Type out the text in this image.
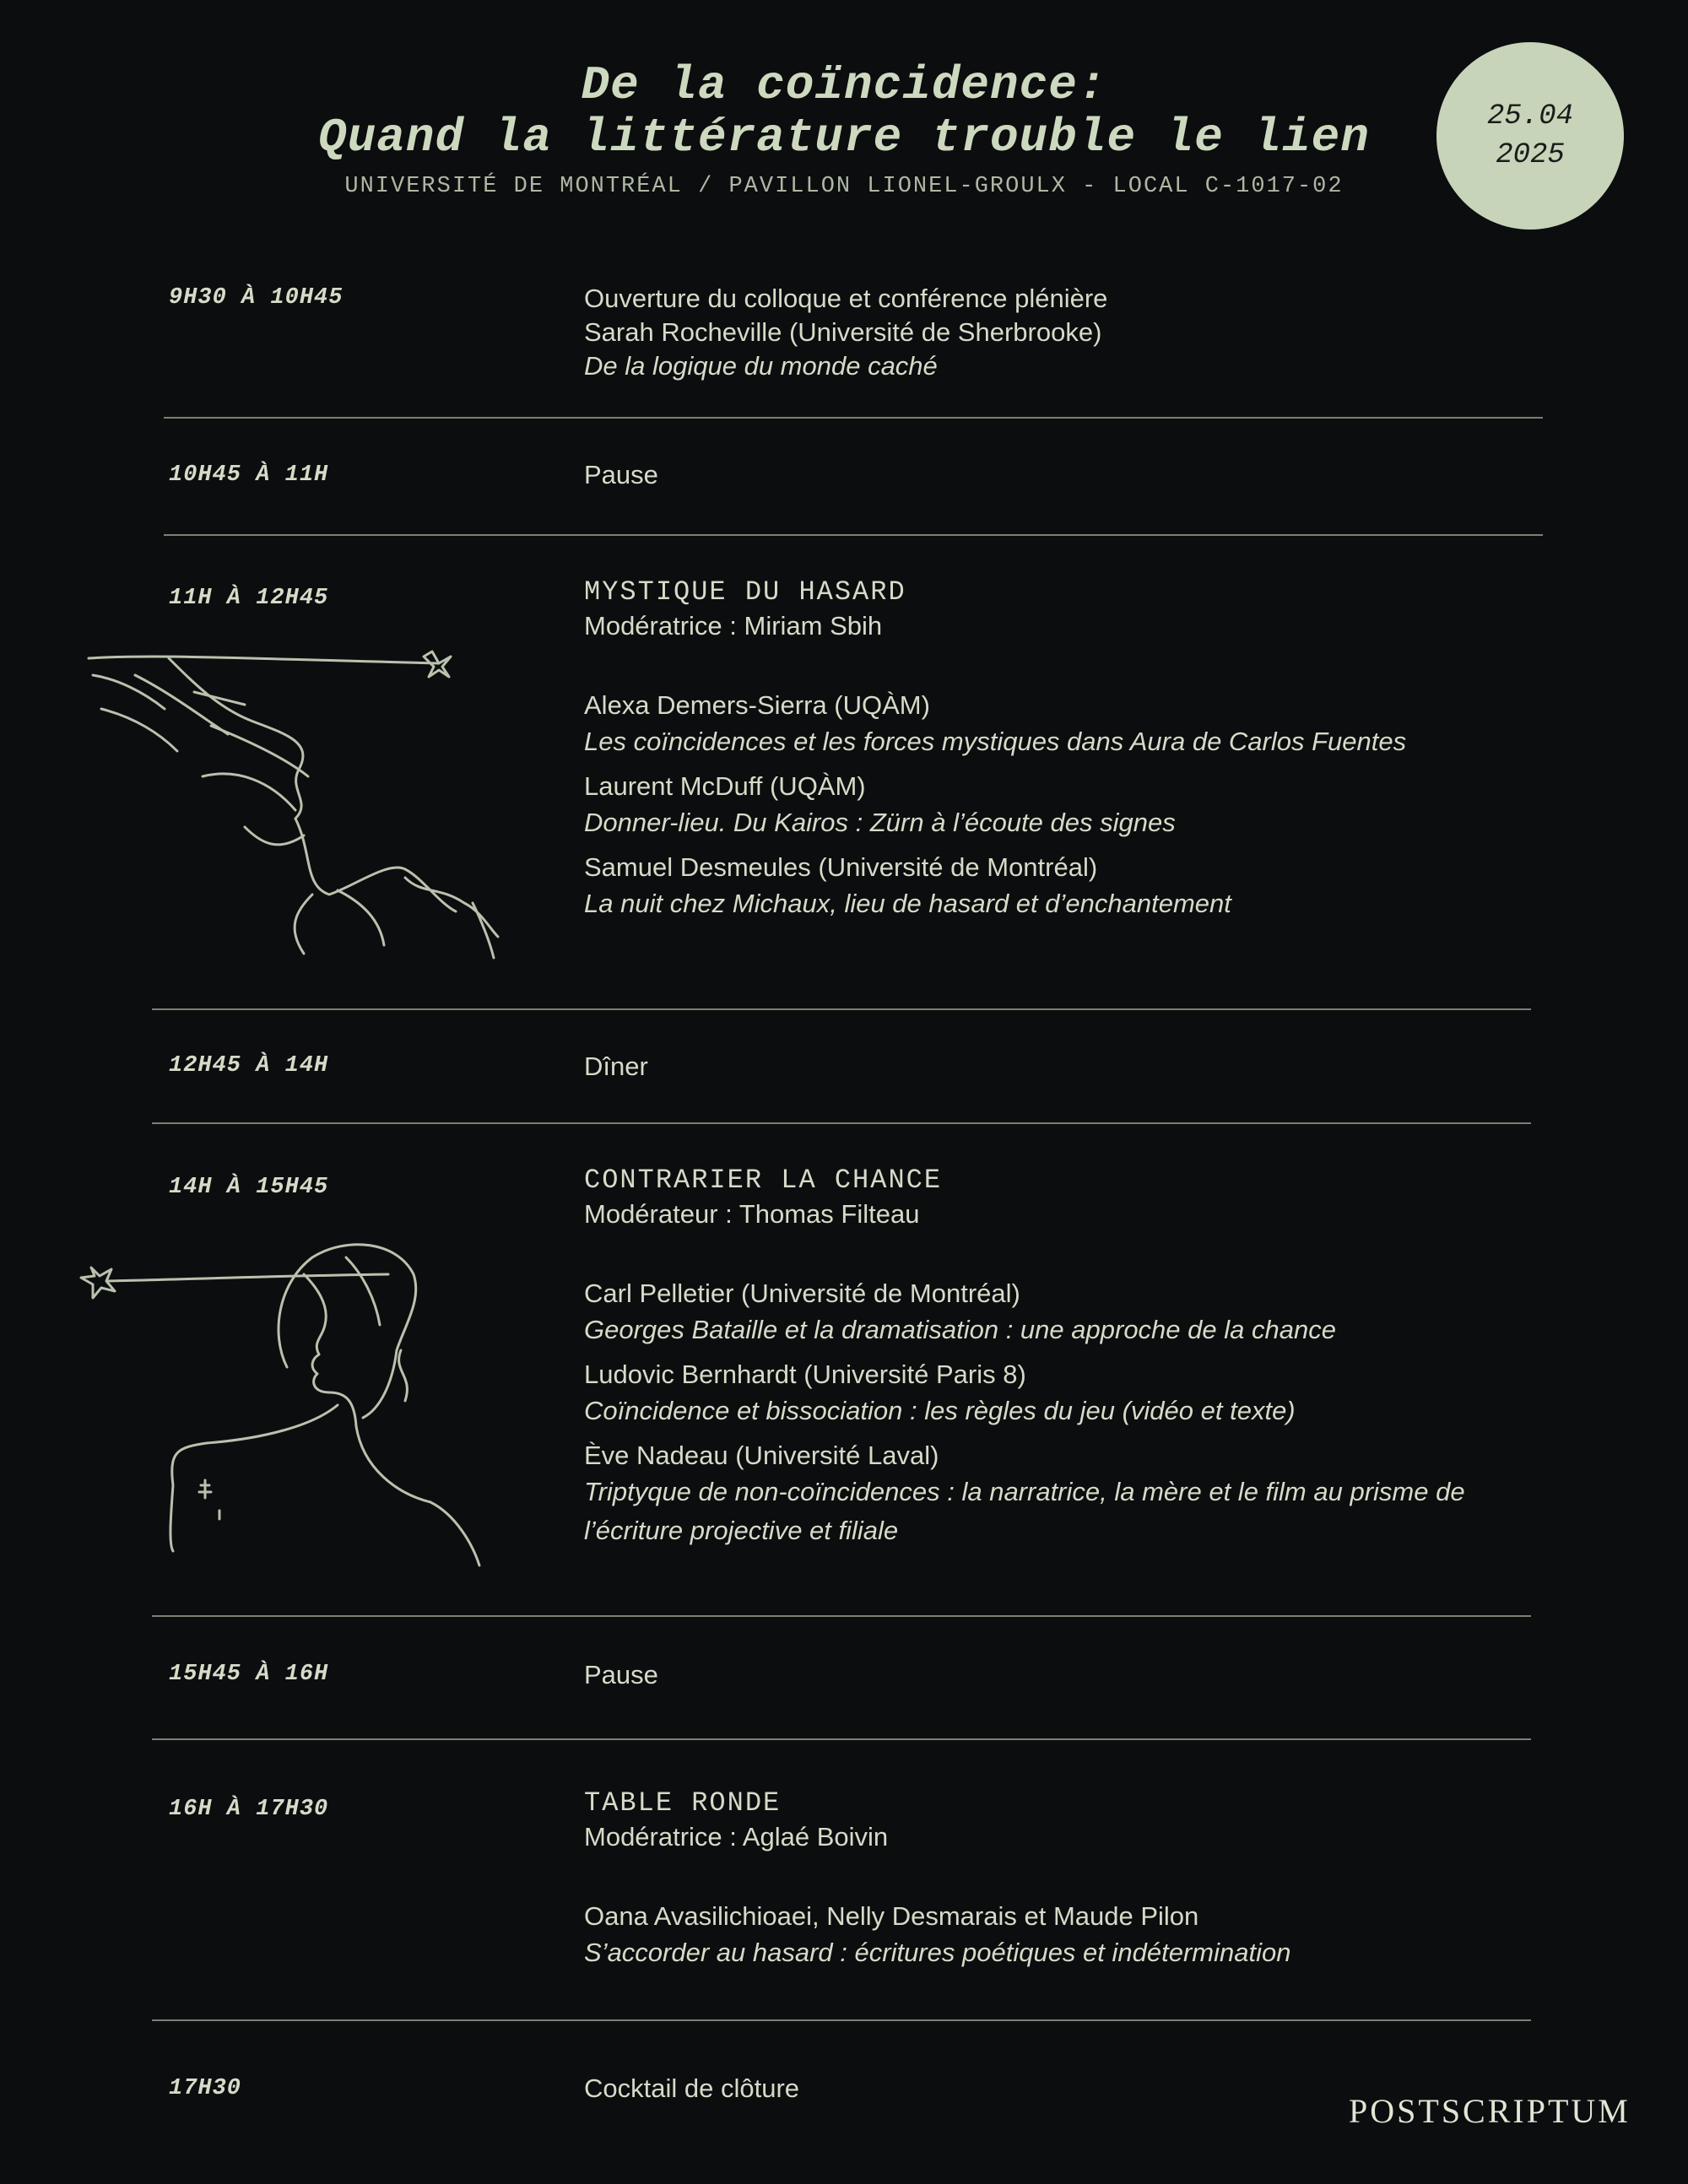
De la coïncidence:
Quand la littérature trouble le lien
UNIVERSITÉ DE MONTRÉAL / PAVILLON LIONEL-GROULX - LOCAL C-1017-02
25.04
2025
9H30 À 10H45	Ouverture du colloque et conférence plénière
Sarah Rocheville (Université de Sherbrooke)
De la logique du monde caché
10H45 À 11H	Pause
11H À 12H45	MYSTIQUE DU HASARD
Modératrice : Miriam Sbih
Alexa Demers-Sierra (UQÀM)
Les coïncidences et les forces mystiques dans Aura de Carlos Fuentes
Laurent McDuff (UQÀM)
Donner-lieu. Du Kairos : Zürn à l’écoute des signes
Samuel Desmeules (Université de Montréal)
La nuit chez Michaux, lieu de hasard et d’enchantement
12H45 À 14H	Dîner
14H À 15H45	CONTRARIER LA CHANCE
Modérateur : Thomas Filteau
Carl Pelletier (Université de Montréal)
Georges Bataille et la dramatisation : une approche de la chance
Ludovic Bernhardt (Université Paris 8)
Coïncidence et bissociation : les règles du jeu (vidéo et texte)
Ève Nadeau (Université Laval)
Triptyque de non-coïncidences : la narratrice, la mère et le film au prisme de
l’écriture projective et filiale
15H45 À 16H	Pause
16H À 17H30	TABLE RONDE
Modératrice : Aglaé Boivin
Oana Avasilichioaei, Nelly Desmarais et Maude Pilon
S’accorder au hasard : écritures poétiques et indétermination
17H30	Cocktail de clôture
POSTSCRIPTUM
